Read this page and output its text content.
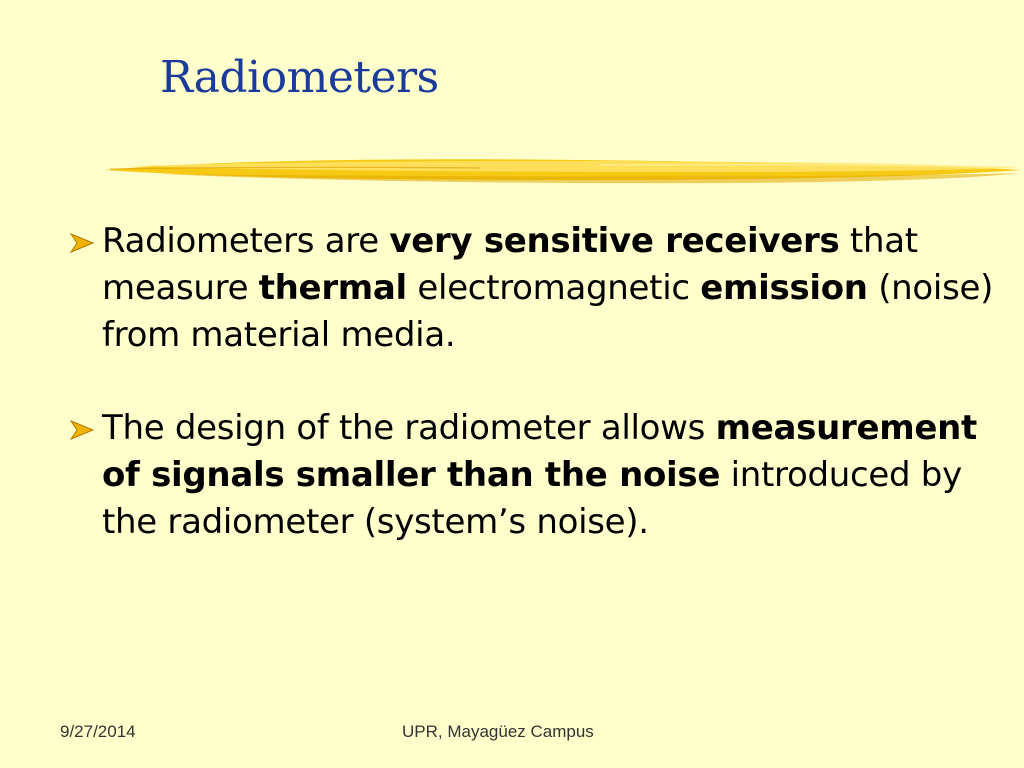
Radiometers
Radiometers are very sensitive receivers that measure thermal electromagnetic emission (noise) from material media.
The design of the radiometer allows measurement of signals smaller than the noise introduced by the radiometer (system’s noise).
9/27/2014	UPR, Mayagüez Campus
